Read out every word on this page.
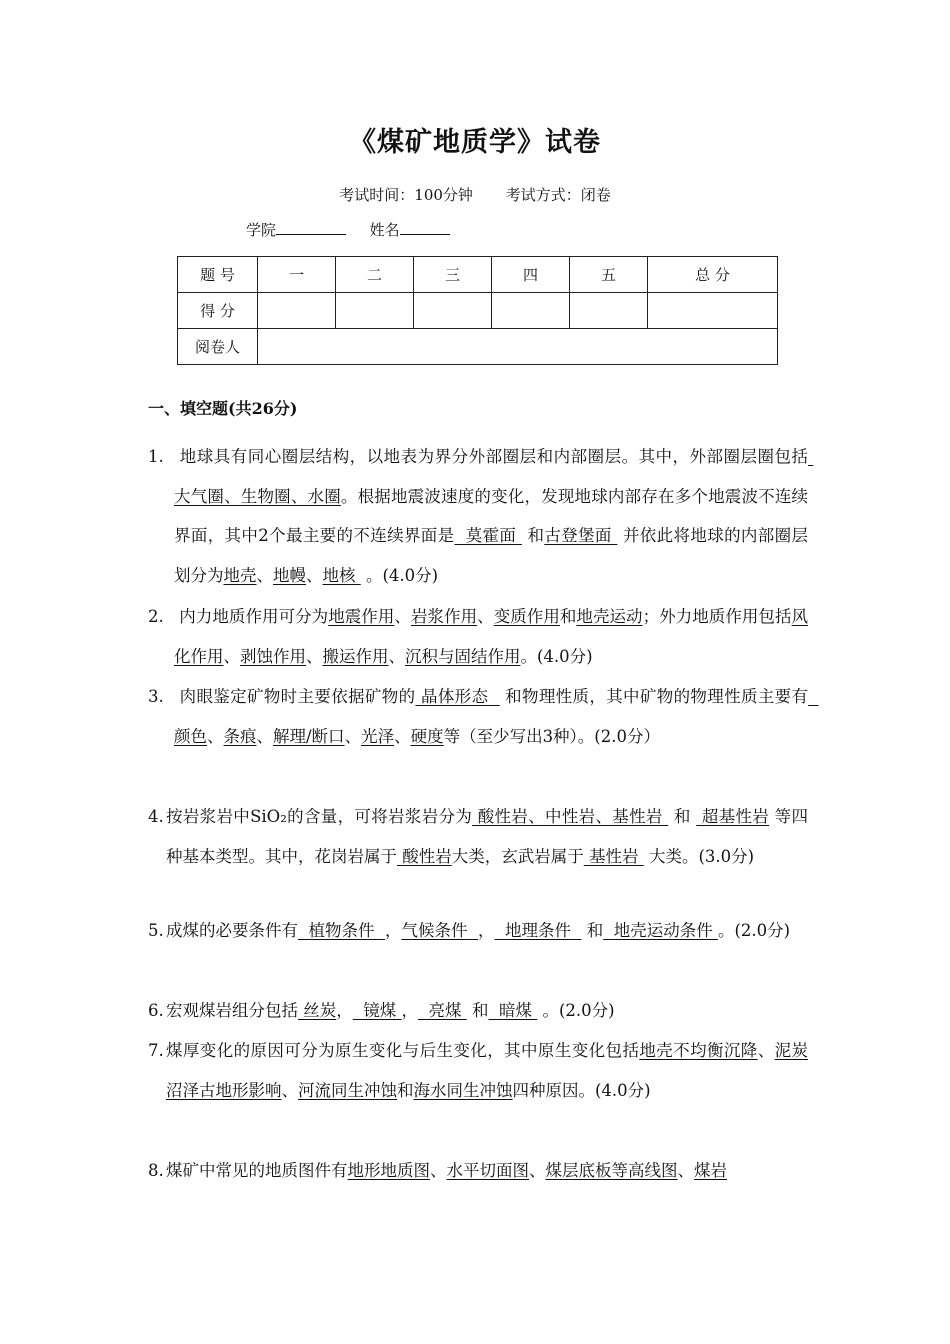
《煤矿地质学》试卷
考试时间：100分钟 考试方式：闭卷
学院	姓名
题 号	一	二	三	四	五	总 分
得 分						
阅卷人						
一、填空题(共26分)
1. 地球具有同心圈层结构，以地表为界分外部圈层和内部圈层。其中，外部圈层圈包括 大气圈、生物圈、水圈。根据地震波速度的变化，发现地球内部存在多个地震波不连续界面，其中2个最主要的不连续界面是  莫霍面  和古登堡面  并依此将地球的内部圈层划分为地壳、地幔、地核  。(4.0分)
2. 内力地质作用可分为地震作用、岩浆作用、变质作用和地壳运动；外力地质作用包括风化作用、剥蚀作用、搬运作用、沉积与固结作用。(4.0分)
3. 肉眼鉴定矿物时主要依据矿物的 晶体形态   和物理性质，其中矿物的物理性质主要有  颜色、条痕、解理/断口、光泽、硬度等（至少写出3种）。(2.0分）
4. 按岩浆岩中SiO₂的含量，可将岩浆岩分为 酸性岩、中性岩、基性岩  和  超基性岩 等四种基本类型。其中，花岗岩属于 酸性岩大类，玄武岩属于 基性岩  大类。(3.0分)
5. 成煤的必要条件有  植物条件  ，气候条件  ，  地理条件   和  地壳运动条件 。(2.0分)
6. 宏观煤岩组分包括 丝炭，  镜煤 ，  亮煤  和  暗煤  。(2.0分)
7. 煤厚变化的原因可分为原生变化与后生变化，其中原生变化包括地壳不均衡沉降、泥炭沼泽古地形影响、河流同生冲蚀和海水同生冲蚀四种原因。(4.0分)
8. 煤矿中常见的地质图件有地形地质图、水平切面图、煤层底板等高线图、煤岩
